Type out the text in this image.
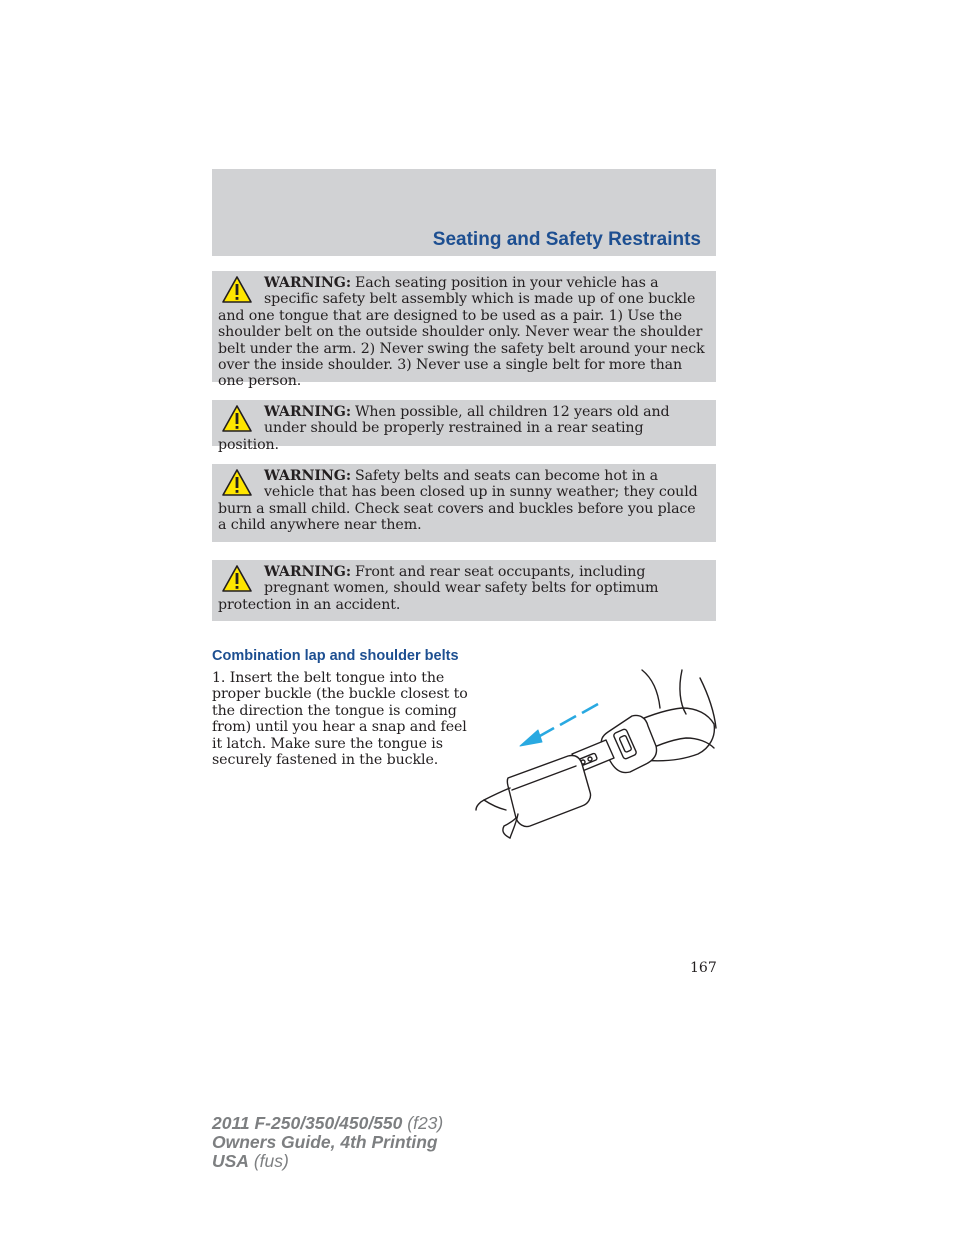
Seating and Safety Restraints
WARNING: Each seating position in your vehicle has a specific safety belt assembly which is made up of one buckle and one tongue that are designed to be used as a pair. 1) Use the shoulder belt on the outside shoulder only. Never wear the shoulder belt under the arm. 2) Never swing the safety belt around your neck over the inside shoulder. 3) Never use a single belt for more than one person.
WARNING: When possible, all children 12 years old and under should be properly restrained in a rear seating position.
WARNING: Safety belts and seats can become hot in a vehicle that has been closed up in sunny weather; they could burn a small child. Check seat covers and buckles before you place a child anywhere near them.
WARNING: Front and rear seat occupants, including pregnant women, should wear safety belts for optimum protection in an accident.
Combination lap and shoulder belts
1. Insert the belt tongue into the proper buckle (the buckle closest to the direction the tongue is coming from) until you hear a snap and feel it latch. Make sure the tongue is securely fastened in the buckle.
167
2011 F-250/350/450/550 (f23)
Owners Guide, 4th Printing
USA (fus)
